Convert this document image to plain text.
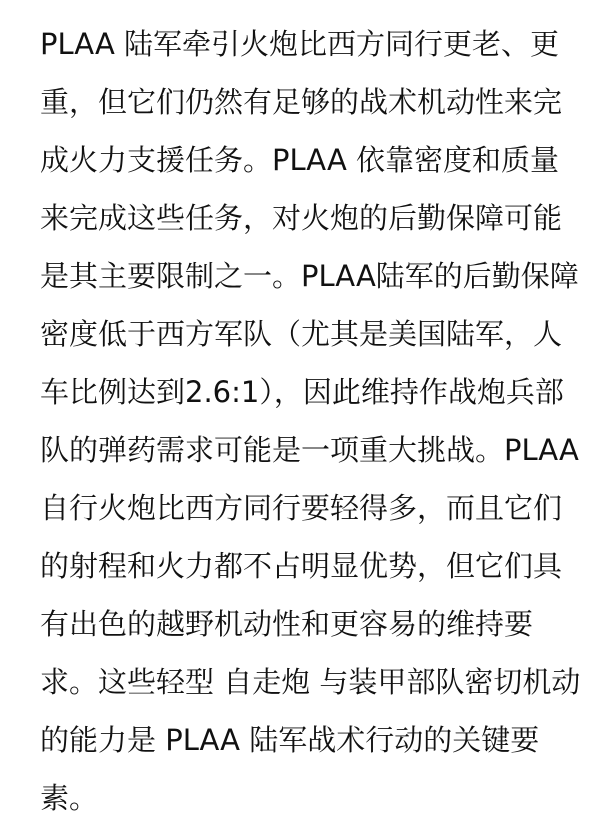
PLAA 陆军牵引火炮比西方同行更老、更
重，但它们仍然有足够的战术机动性来完
成火力支援任务。PLAA 依靠密度和质量
来完成这些任务，对火炮的后勤保障可能
是其主要限制之一。PLAA陆军的后勤保障
密度低于西方军队（尤其是美国陆军，人
车比例达到2.6:1），因此维持作战炮兵部
队的弹药需求可能是一项重大挑战。PLAA
自行火炮比西方同行要轻得多，而且它们
的射程和火力都不占明显优势，但它们具
有出色的越野机动性和更容易的维持要
求。这些轻型 自走炮 与装甲部队密切机动
的能力是 PLAA 陆军战术行动的关键要
素。
